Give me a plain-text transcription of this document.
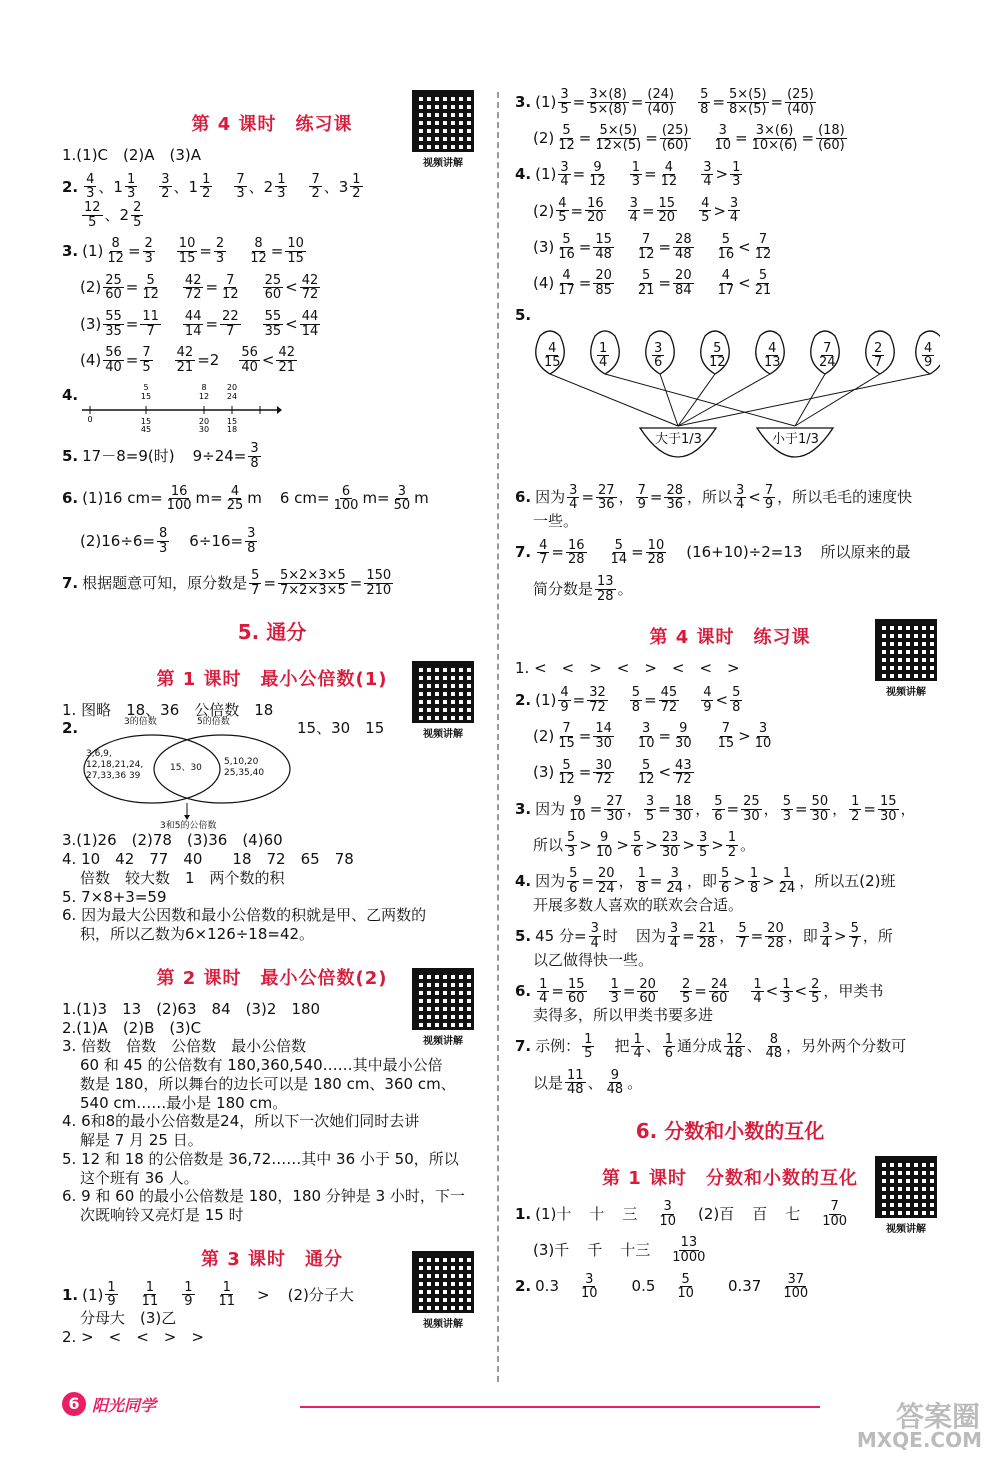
视频讲解
第 4 课时　练习课
1.(1)C　(2)A　(3)A
2. $\frac{4}{3}$ 、$1 \frac{1}{3} \frac{3}{2}$ 、$1 \frac{1}{2} \frac{7}{3}$ 、$2 \frac{1}{3} \frac{7}{2}$ 、$3 \frac{1}{2}$
$\frac{12}{5}$ 、$2 \frac{2}{5}$
3. $(1) \frac{8}{12} = \frac{2}{3} \frac{10}{15} = \frac{2}{3} \frac{8}{12} = \frac{10}{15}$
$(2) \frac{25}{60} = \frac{5}{12} \frac{42}{72} = \frac{7}{12} \frac{25}{60} < \frac{42}{72}$
$(3) \frac{55}{35} = \frac{11}{7} \frac{44}{14} = \frac{22}{7} \frac{55}{35} < \frac{44}{14}$
$(4) \frac{56}{40} = \frac{7}{5} \frac{42}{21} =2 \frac{56}{40} < \frac{42}{21}$
4.
0
5
15
15
45
8
12
20
30
20
24
15
18
5. 17－8=9(时) $9\div 24= \frac{3}{8}$
6. (1)16 $cm= \frac{16}{100} m= \frac{4}{25}$ m
6 $cm= \frac{6}{100} m= \frac{3}{50}$ m
$(2)16\div 6= \frac{8}{3} 6\div 16= \frac{3}{8}$
7. 根据题意可知，原分数是 $\frac{5}{7} = \frac{5\times 2\times 3\times 5}{7\times 2\times 3\times 5} = \frac{150}{210}$
5. 通分
视频讲解
第 1 课时　最小公倍数(1)
1. 图略　18、36　公倍数　18
2.	3的倍数	5的倍数
3,6,9, 12,18,21,24, 27,33,36 39
15、30
5,10,20 25,35,40
3和5的公倍数
15、30　15
3.(1)26　(2)78　(3)36　(4)60
4. 10　42　77　40　　18　72　65　78
倍数　较大数　1　两个数的积
5. 7×8+3=59
6. 因为最大公因数和最小公倍数的积就是甲、乙两数的
积，所以乙数为6×126÷18=42。
视频讲解
第 2 课时　最小公倍数(2)
1.(1)3　13　(2)63　84　(3)2　180
2.(1)A　(2)B　(3)C
3. 倍数　倍数　公倍数　最小公倍数
60 和 45 的公倍数有 180,360,540……其中最小公倍
数是 180，所以舞台的边长可以是 180 cm、360 cm、
540 cm……最小是 180 cm。
4. 6和8的最小公倍数是24，所以下一次她们同时去讲
解是 7 月 25 日。
5. 12 和 18 的公倍数是 36,72……其中 36 小于 50，所以
这个班有 36 人。
6. 9 和 60 的最小公倍数是 180，180 分钟是 3 小时，下一
次既响铃又亮灯是 15 时
视频讲解
第 3 课时　通分
1. $(1) \frac{1}{9} \frac{1}{11} \frac{1}{9} \frac{1}{11} > (2)$分子大
分母大　(3)乙
2. >　<　<　>　>
3. $(1) \frac{3}{5} = \frac{3\times(8)}{5\times(8)} = \frac{(24)}{(40)} \frac{5}{8} = \frac{5\times(5)}{8\times(5)} = \frac{(25)}{(40)}$
$(2) \frac{5}{12} = \frac{5\times(5)}{12\times(5)} = \frac{(25)}{(60)} \frac{3}{10} = \frac{3\times(6)}{10\times(6)} = \frac{(18)}{(60)}$
4. $(1) \frac{3}{4} = \frac{9}{12} \frac{1}{3} = \frac{4}{12} \frac{3}{4} > \frac{1}{3}$
$(2) \frac{4}{5} = \frac{16}{20} \frac{3}{4} = \frac{15}{20} \frac{4}{5} > \frac{3}{4}$
$(3) \frac{5}{16} = \frac{15}{48} \frac{7}{12} = \frac{28}{48} \frac{5}{16} < \frac{7}{12}$
$(4) \frac{4}{17} = \frac{20}{85} \frac{5}{21} = \frac{20}{84} \frac{4}{17} < \frac{5}{21}$
5.
$\frac{4}{15}$	$\frac{1}{4}$	$\frac{3}{6}$	$\frac{5}{12}$	$\frac{4}{13}$	$\frac{7}{24}$	$\frac{2}{7}$	$\frac{4}{9}$
大于1/3	小于1/3
6. 因为 $\frac{3}{4} = \frac{27}{36}$ ， $\frac{7}{9} = \frac{28}{36}$ ，所以 $\frac{3}{4} < \frac{7}{9}$ ，所以毛毛的速度快
一些。
7. $\frac{4}{7} = \frac{16}{28} \frac{5}{14} = \frac{10}{28} (16+10)\div 2=13$ 所以原来的最
简分数是 $\frac{13}{28}$ 。
视频讲解
第 4 课时　练习课
1. <　<　>　<　>　<　<　>
2. $(1) \frac{4}{9} = \frac{32}{72} \frac{5}{8} = \frac{45}{72} \frac{4}{9} < \frac{5}{8}$
$(2) \frac{7}{15} = \frac{14}{30} \frac{3}{10} = \frac{9}{30} \frac{7}{15} > \frac{3}{10}$
$(3) \frac{5}{12} = \frac{30}{72} \frac{5}{12} < \frac{43}{72}$
3. 因为 $\frac{9}{10} = \frac{27}{30}$ ， $\frac{3}{5} = \frac{18}{30}$ ， $\frac{5}{6} = \frac{25}{30}$ ， $\frac{5}{3} = \frac{50}{30}$ ， $\frac{1}{2} = \frac{15}{30}$ ，
所以 $\frac{5}{3} > \frac{9}{10} > \frac{5}{6} > \frac{23}{30} > \frac{3}{5} > \frac{1}{2}$ 。
4. 因为 $\frac{5}{6} = \frac{20}{24}$ ， $\frac{1}{8} = \frac{3}{24}$ ，即 $\frac{5}{6} > \frac{1}{8} > \frac{1}{24}$ ，所以五(2)班
开展多数人喜欢的联欢会合适。
5. 45 分= $\frac{3}{4}$ 时 因为 $\frac{3}{4} = \frac{21}{28}$ ， $\frac{5}{7} = \frac{20}{28}$ ，即 $\frac{3}{4} > \frac{5}{7}$ ，所
以乙做得快一些。
6. $\frac{1}{4} = \frac{15}{60} \frac{1}{3} = \frac{20}{60} \frac{2}{5} = \frac{24}{60} \frac{1}{4} < \frac{1}{3} < \frac{2}{5}$ ，甲类书
卖得多，所以甲类书要多进
7. 示例： $\frac{1}{5}$ 把 $\frac{1}{4}$ 、 $\frac{1}{6}$ 通分成 $\frac{12}{48}$ 、 $\frac{8}{48}$ ，另外两个分数可
以是 $\frac{11}{48}$ 、 $\frac{9}{48}$ 。
6. 分数和小数的互化
视频讲解
第 1 课时　分数和小数的互化
1. (1)十 十 三 $\frac{3}{10} (2)$百 百 七 $\frac{7}{100}$
(3)千 千 十三 $\frac{13}{1000}$
2. $0.3 \frac{3}{10} 0.5 \frac{5}{10} 0.37 \frac{37}{100}$
6 阳光同学	答案圈
MXQE.COM
